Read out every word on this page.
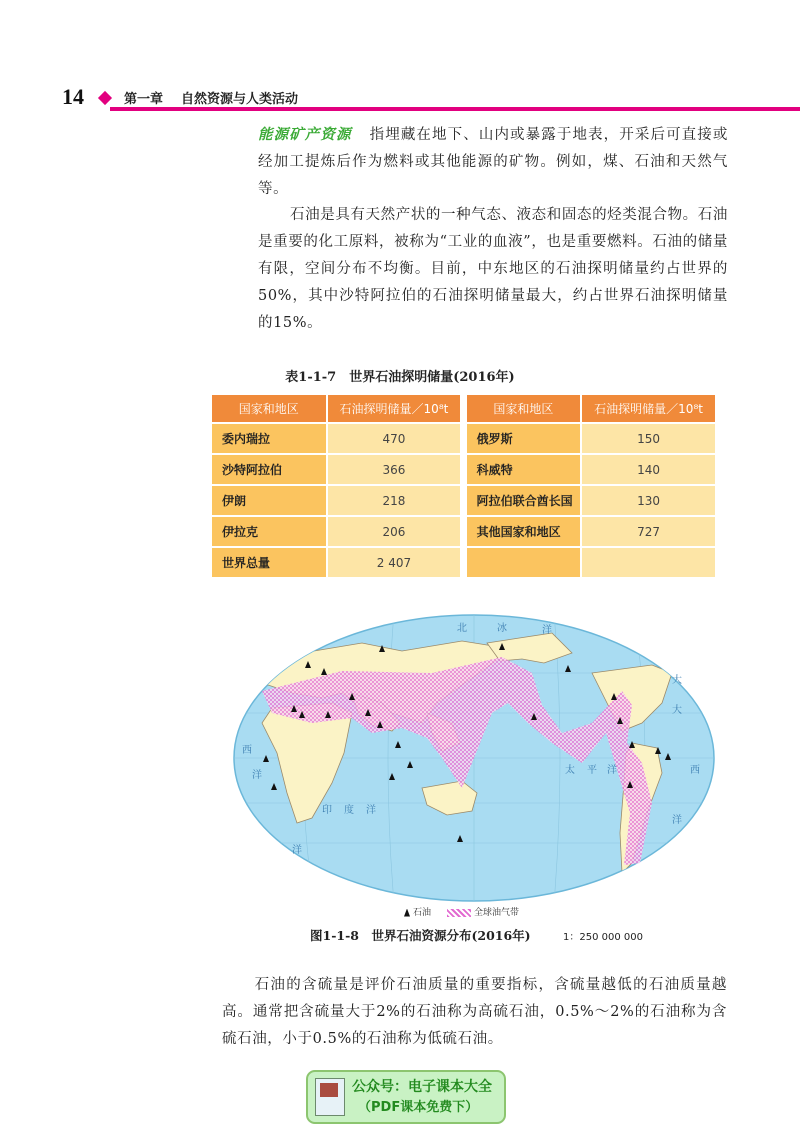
14	第一章 自然资源与人类活动
能源矿产资源 指埋藏在地下、山内或暴露于地表，开采后可直接或经加工提炼后作为燃料或其他能源的矿物。例如，煤、石油和天然气等。
石油是具有天然产状的一种气态、液态和固态的烃类混合物。石油是重要的化工原料，被称为“工业的血液”，也是重要燃料。石油的储量有限，空间分布不均衡。目前，中东地区的石油探明储量约占世界的50%，其中沙特阿拉伯的石油探明储量最大，约占世界石油探明储量的15%。
表1-1-7　世界石油探明储量(2016年)
国家和地区	石油探明储量／10⁸t		国家和地区	石油探明储量／10⁸t
委内瑞拉	470		俄罗斯	150
沙特阿拉伯	366		科威特	140
伊朗	218		阿拉伯联合酋长国	130
伊拉克	206		其他国家和地区	727
世界总量	2 407			
北	冰	洋
太 平 洋
大
西
洋
印 度 洋
洋
大
西
洋
石油	全球油气带
图1-1-8　世界石油资源分布(2016年)	1：250 000 000
石油的含硫量是评价石油质量的重要指标，含硫量越低的石油质量越高。通常把含硫量大于2%的石油称为高硫石油，0.5%～2%的石油称为含硫石油，小于0.5%的石油称为低硫石油。
公众号：电子课本大全
（PDF课本免费下）
